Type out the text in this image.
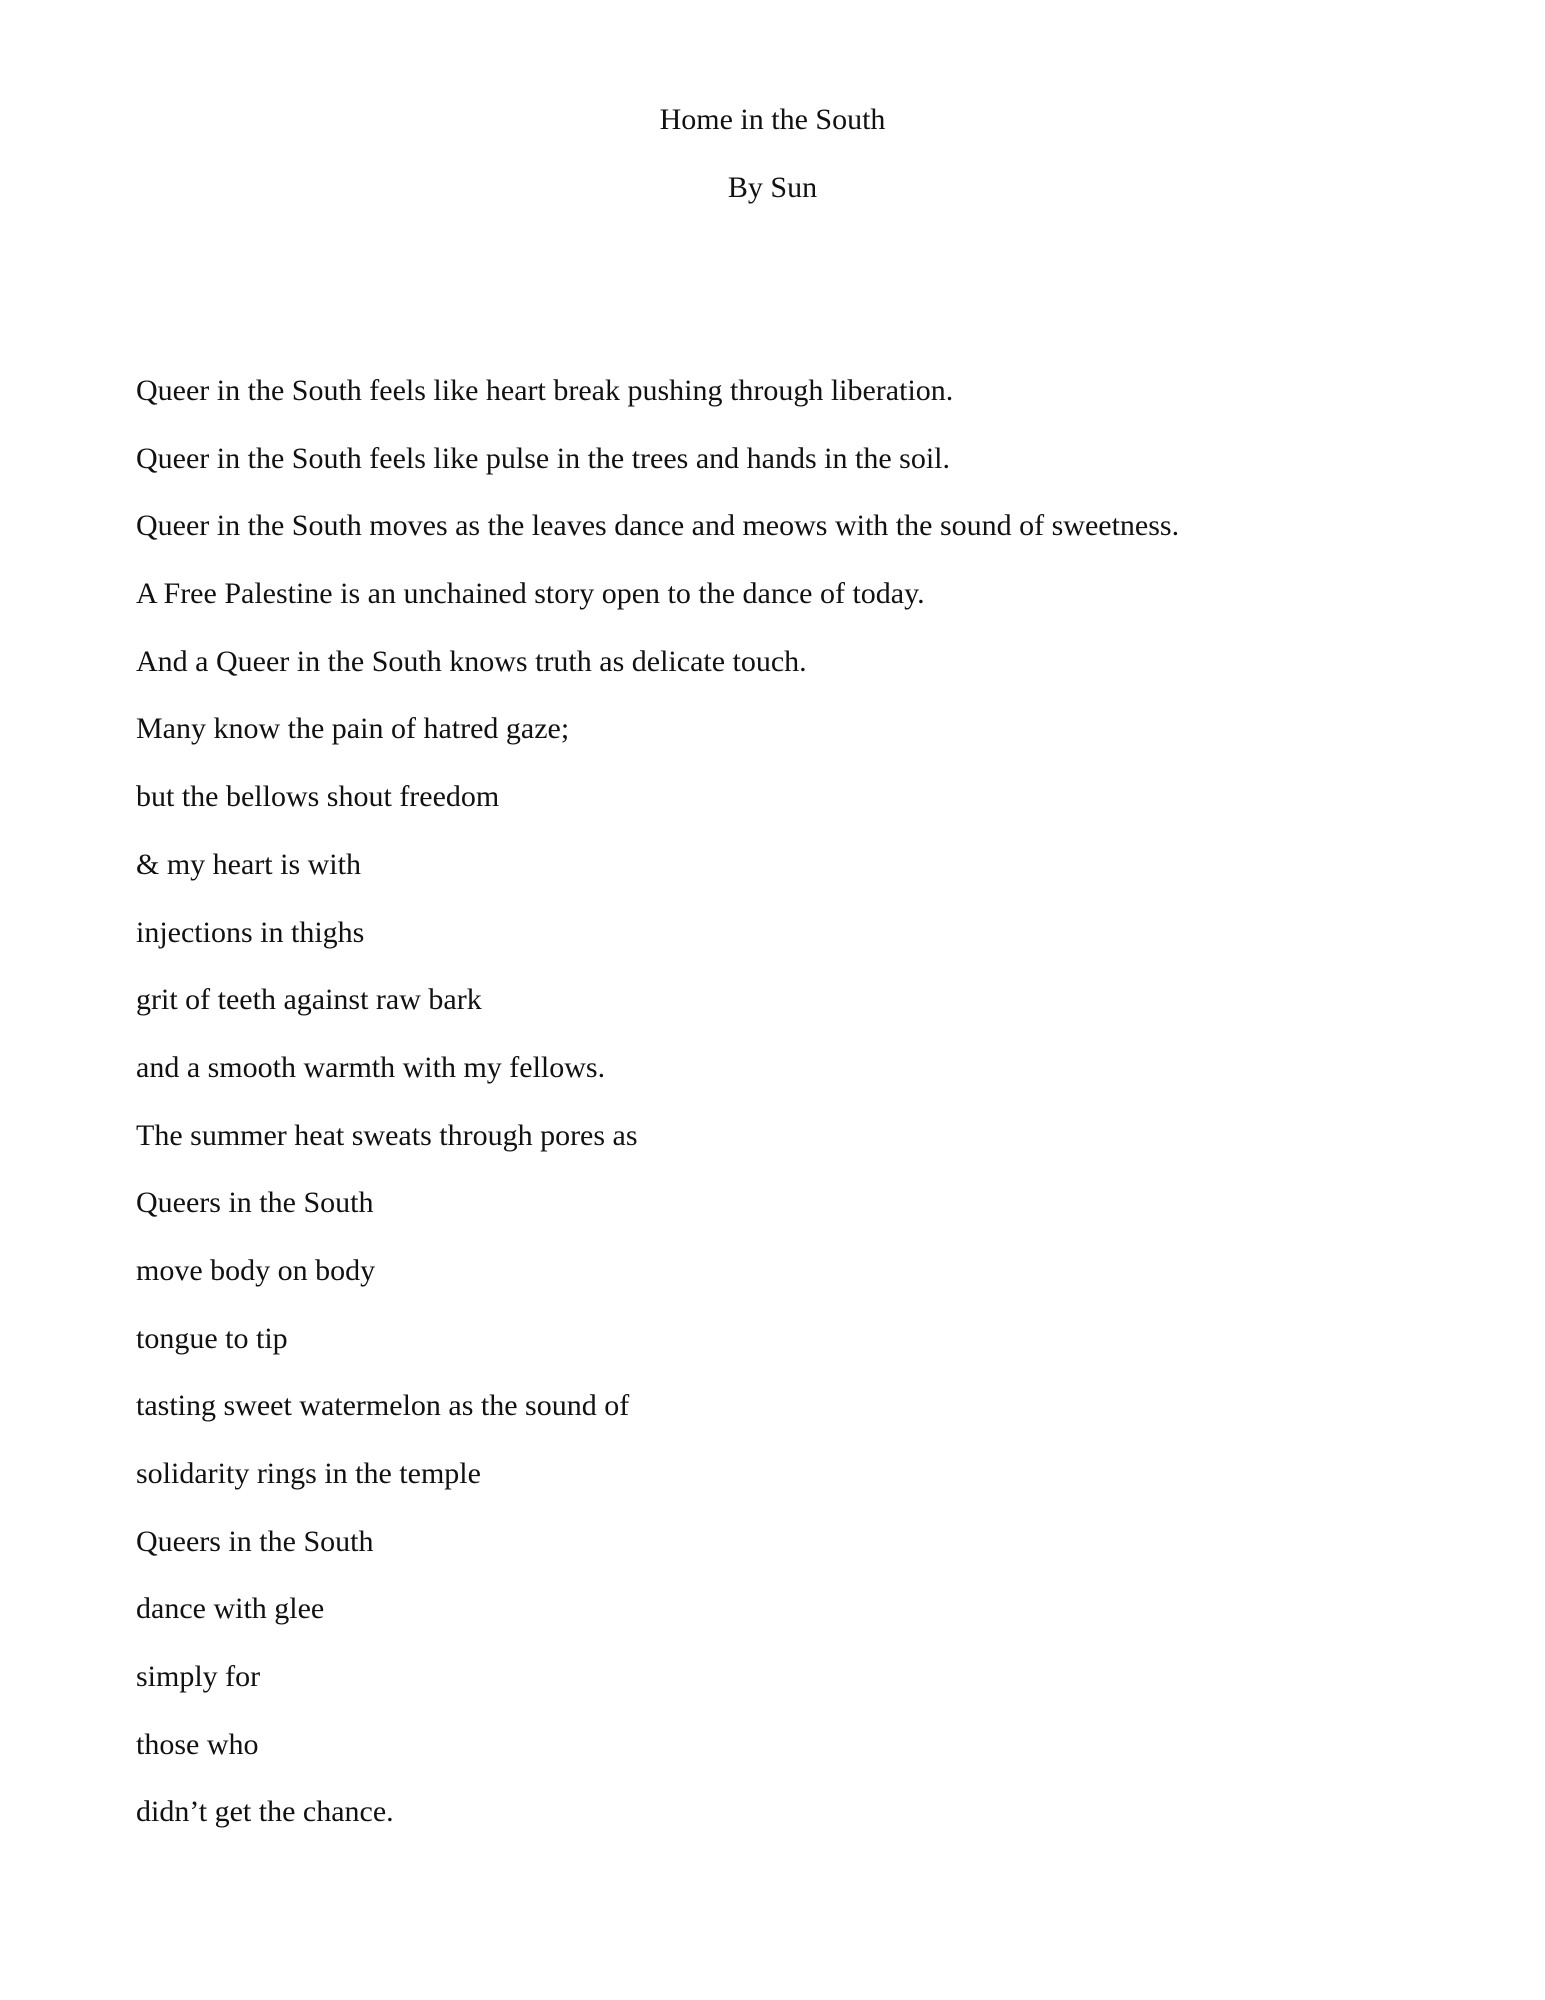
Home in the South
By Sun
Queer in the South feels like heart break pushing through liberation.
Queer in the South feels like pulse in the trees and hands in the soil.
Queer in the South moves as the leaves dance and meows with the sound of sweetness.
A Free Palestine is an unchained story open to the dance of today.
And a Queer in the South knows truth as delicate touch.
Many know the pain of hatred gaze;
but the bellows shout freedom
& my heart is with
injections in thighs
grit of teeth against raw bark
and a smooth warmth with my fellows.
The summer heat sweats through pores as
Queers in the South
move body on body
tongue to tip
tasting sweet watermelon as the sound of
solidarity rings in the temple
Queers in the South
dance with glee
simply for
those who
didn’t get the chance.
